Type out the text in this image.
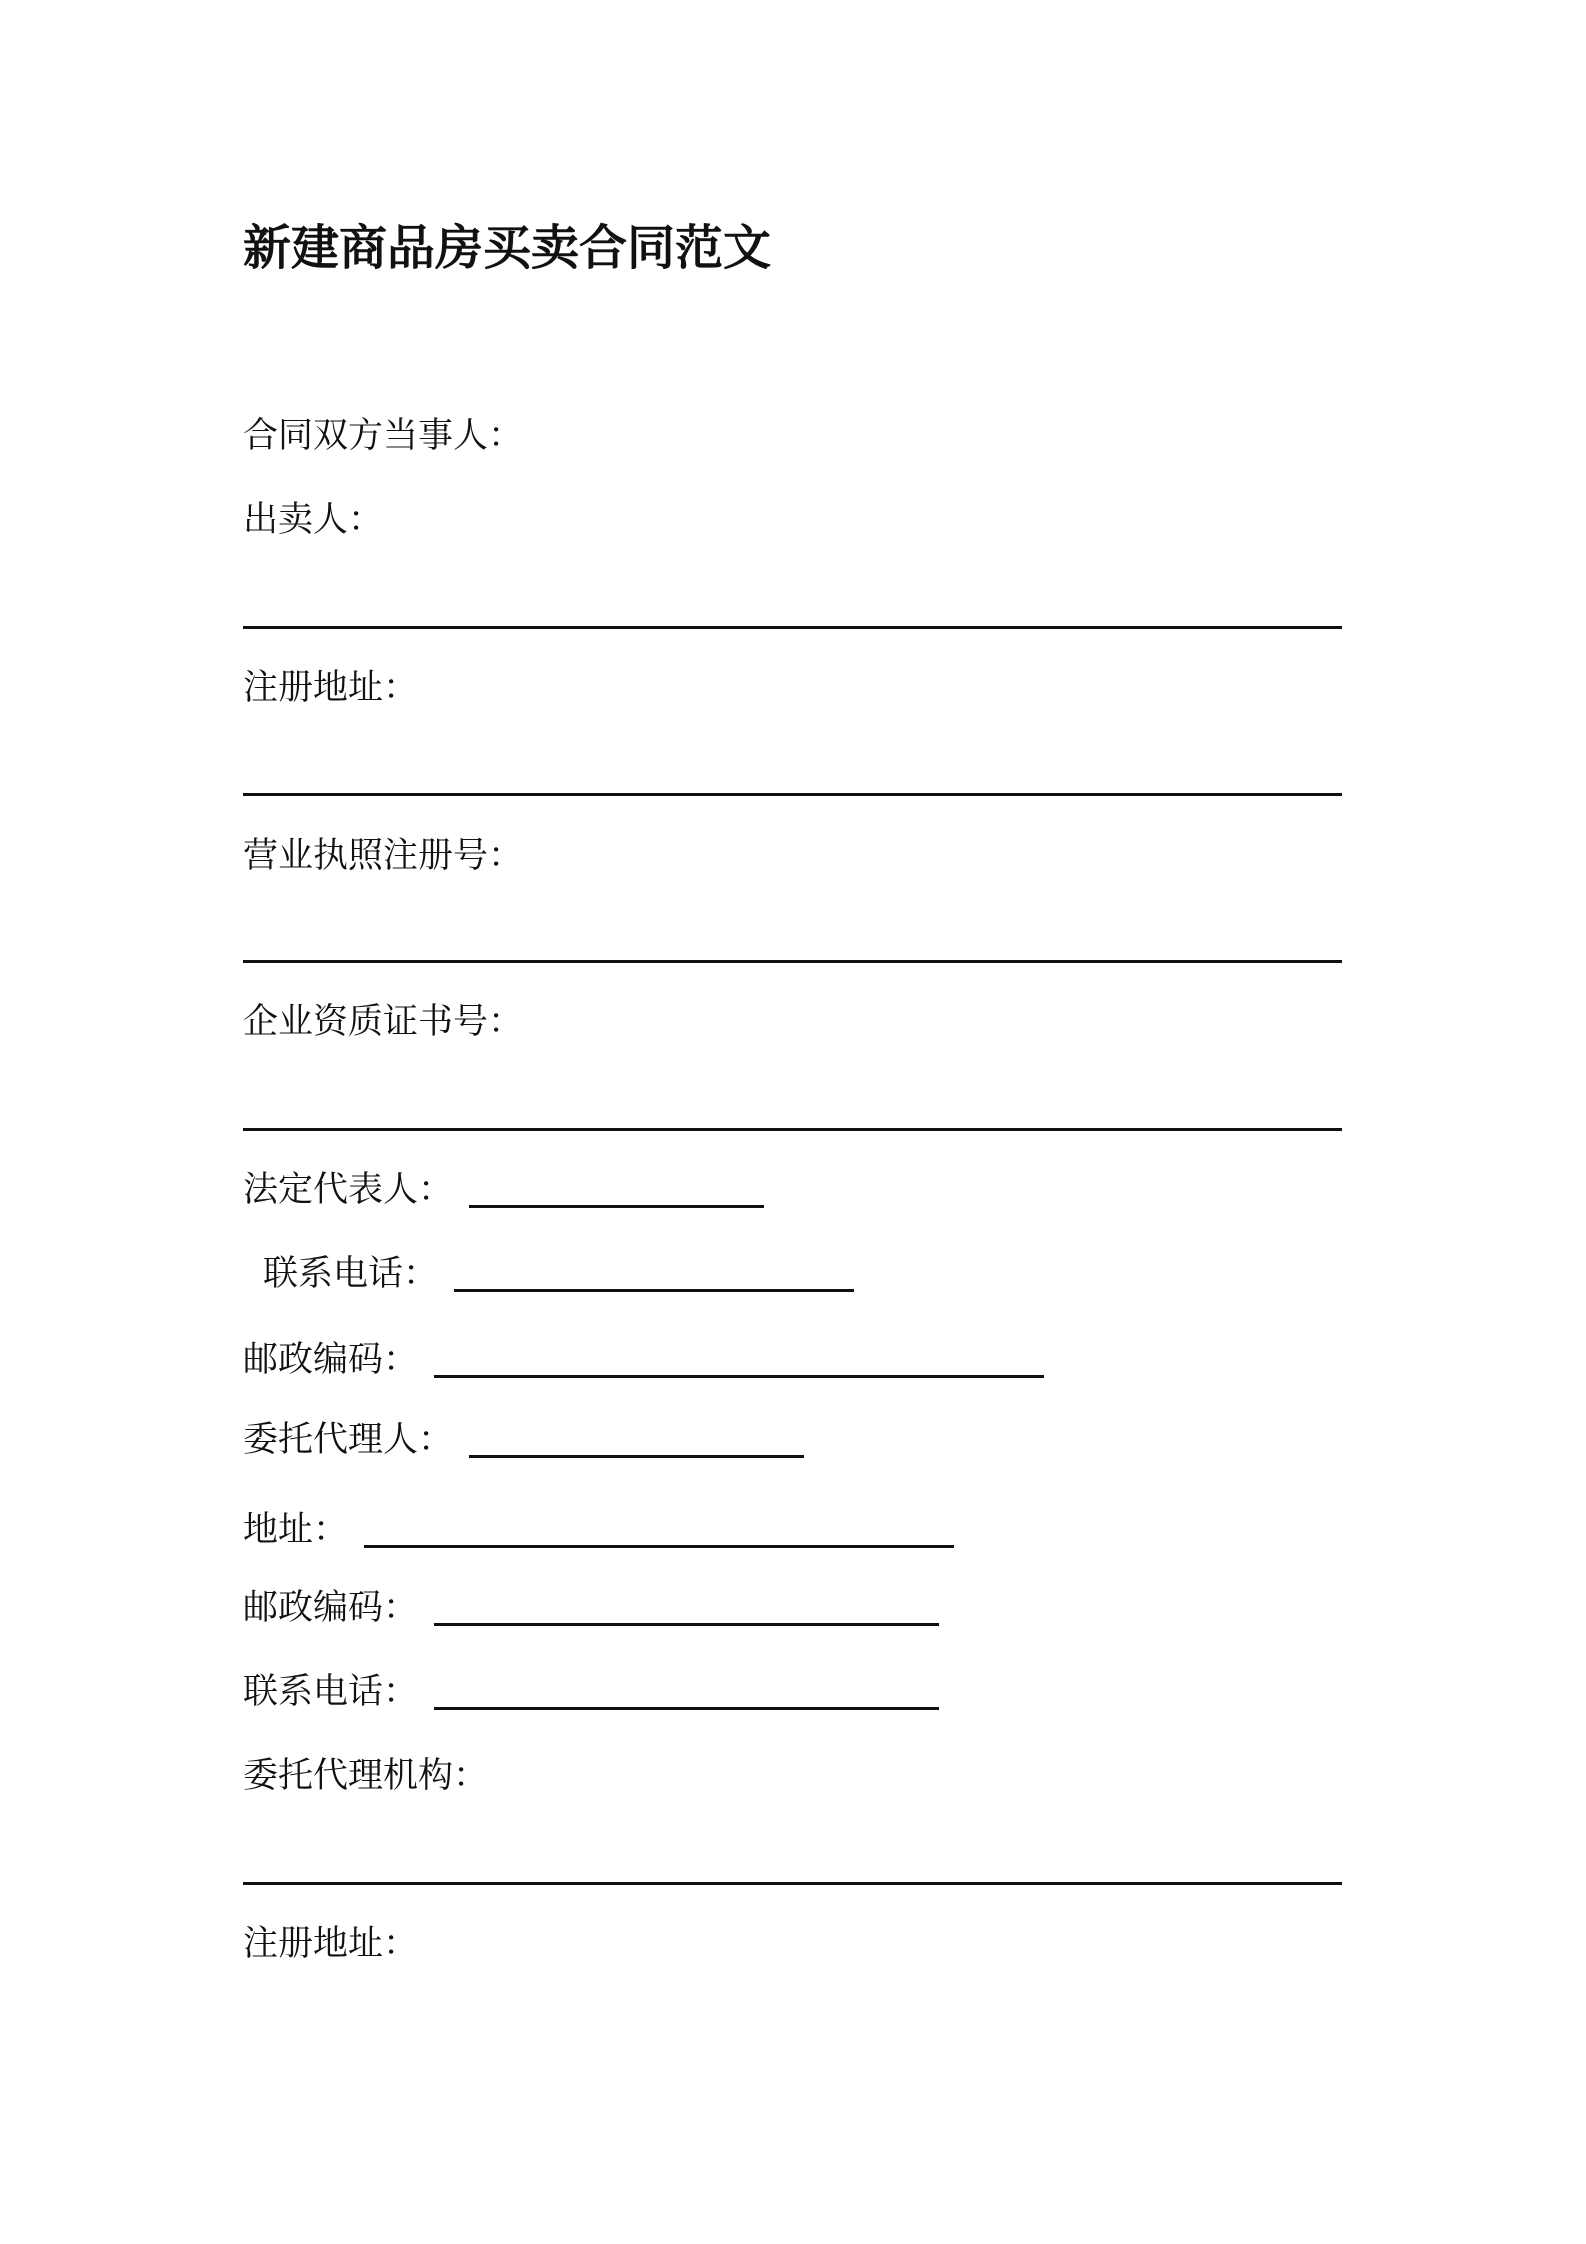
新建商品房买卖合同范文
合同双方当事人：
出卖人：
注册地址：
营业执照注册号：
企业资质证书号：
法定代表人：
联系电话：
邮政编码：
委托代理人：
地址：
邮政编码：
联系电话：
委托代理机构：
注册地址：
